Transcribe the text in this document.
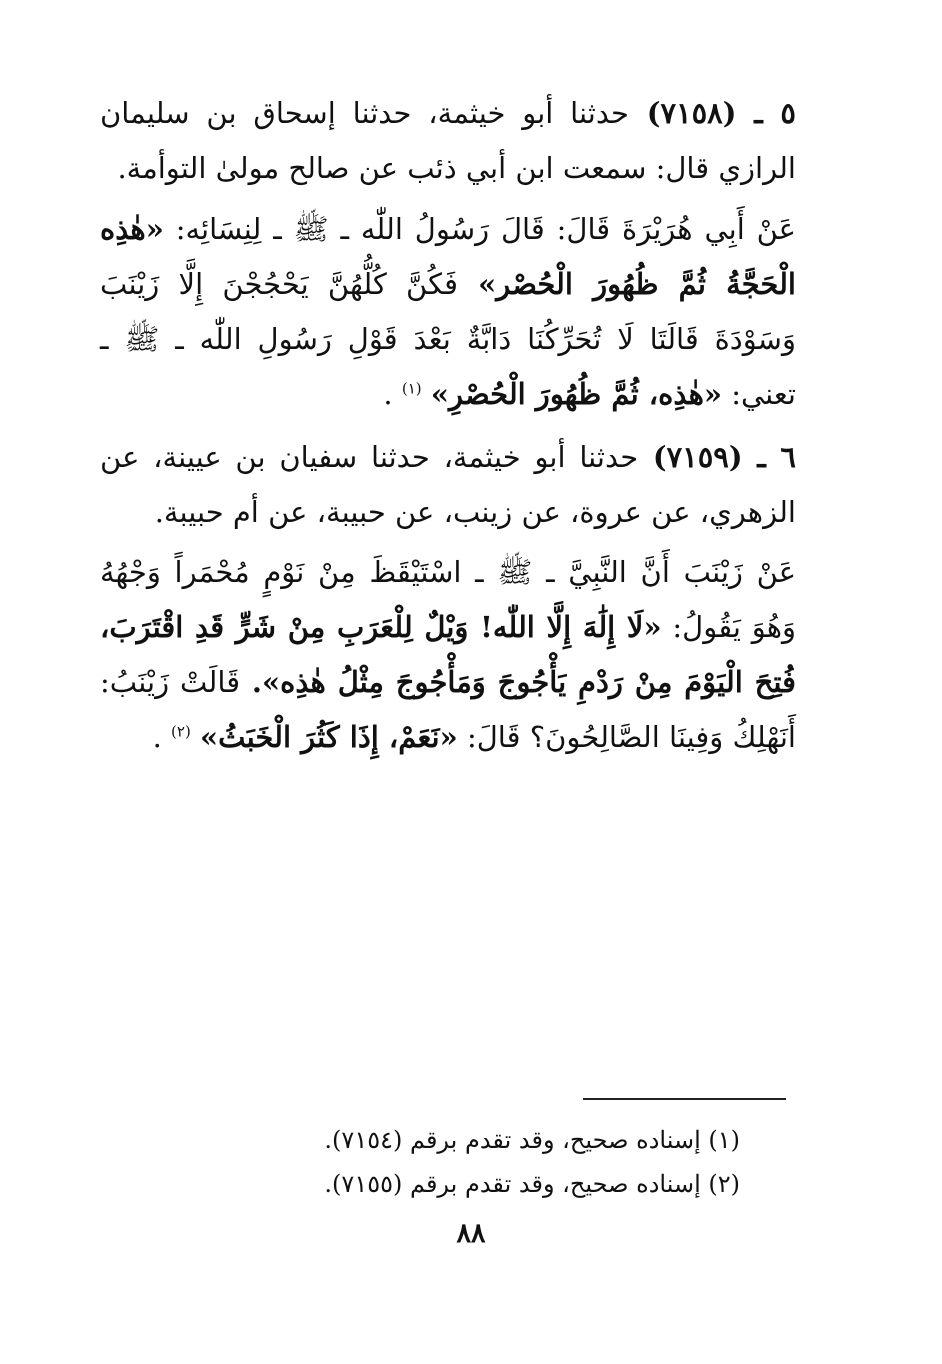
٥ ـ (٧١٥٨) حدثنا أبو خيثمة، حدثنا إسحاق بن سليمان الرازي قال: سمعت ابن أبي ذئب عن صالح مولىٰ التوأمة.
عَنْ أَبِي هُرَيْرَةَ قَالَ: قَالَ رَسُولُ اللّٰه ـ ﷺ ـ لِنِسَائِه: «هٰذِه الْحَجَّةُ ثُمَّ ظُهُورَ الْحُصْر» فَكُنَّ كُلُّهُنَّ يَحْجُجْنَ إِلَّا زَيْنَبَ وَسَوْدَةَ قَالَتَا لَا تُحَرِّكُنَا دَابَّةٌ بَعْدَ قَوْلِ رَسُولِ اللّٰه ـ ﷺ ـ تعني: «هٰذِه، ثُمَّ ظُهُورَ الْحُصْرِ» $^{(١)}$ .
٦ ـ (٧١٥٩) حدثنا أبو خيثمة، حدثنا سفيان بن عيينة، عن الزهري، عن عروة، عن زينب، عن حبيبة، عن أم حبيبة.
عَنْ زَيْنَبَ أَنَّ النَّبِيَّ ـ ﷺ ـ اسْتَيْقَظَ مِنْ نَوْمٍ مُحْمَراً وَجْهُهُ وَهُوَ يَقُولُ: «لَا إِلَٰهَ إِلَّا اللّٰه! وَيْلٌ لِلْعَرَبِ مِنْ شَرٍّ قَدِ اقْتَرَبَ، فُتِحَ الْيَوْمَ مِنْ رَدْمِ يَأْجُوجَ وَمَأْجُوجَ مِثْلُ هٰذِه». قَالَتْ زَيْنَبُ: أَنَهْلِكُ وَفِينَا الصَّالِحُونَ؟ قَالَ: «نَعَمْ، إِذَا كَثُرَ الْخَبَثُ» $^{(٢)}$ .
(١) إسناده صحيح، وقد تقدم برقم (٧١٥٤).
(٢) إسناده صحيح، وقد تقدم برقم (٧١٥٥).
٨٨
